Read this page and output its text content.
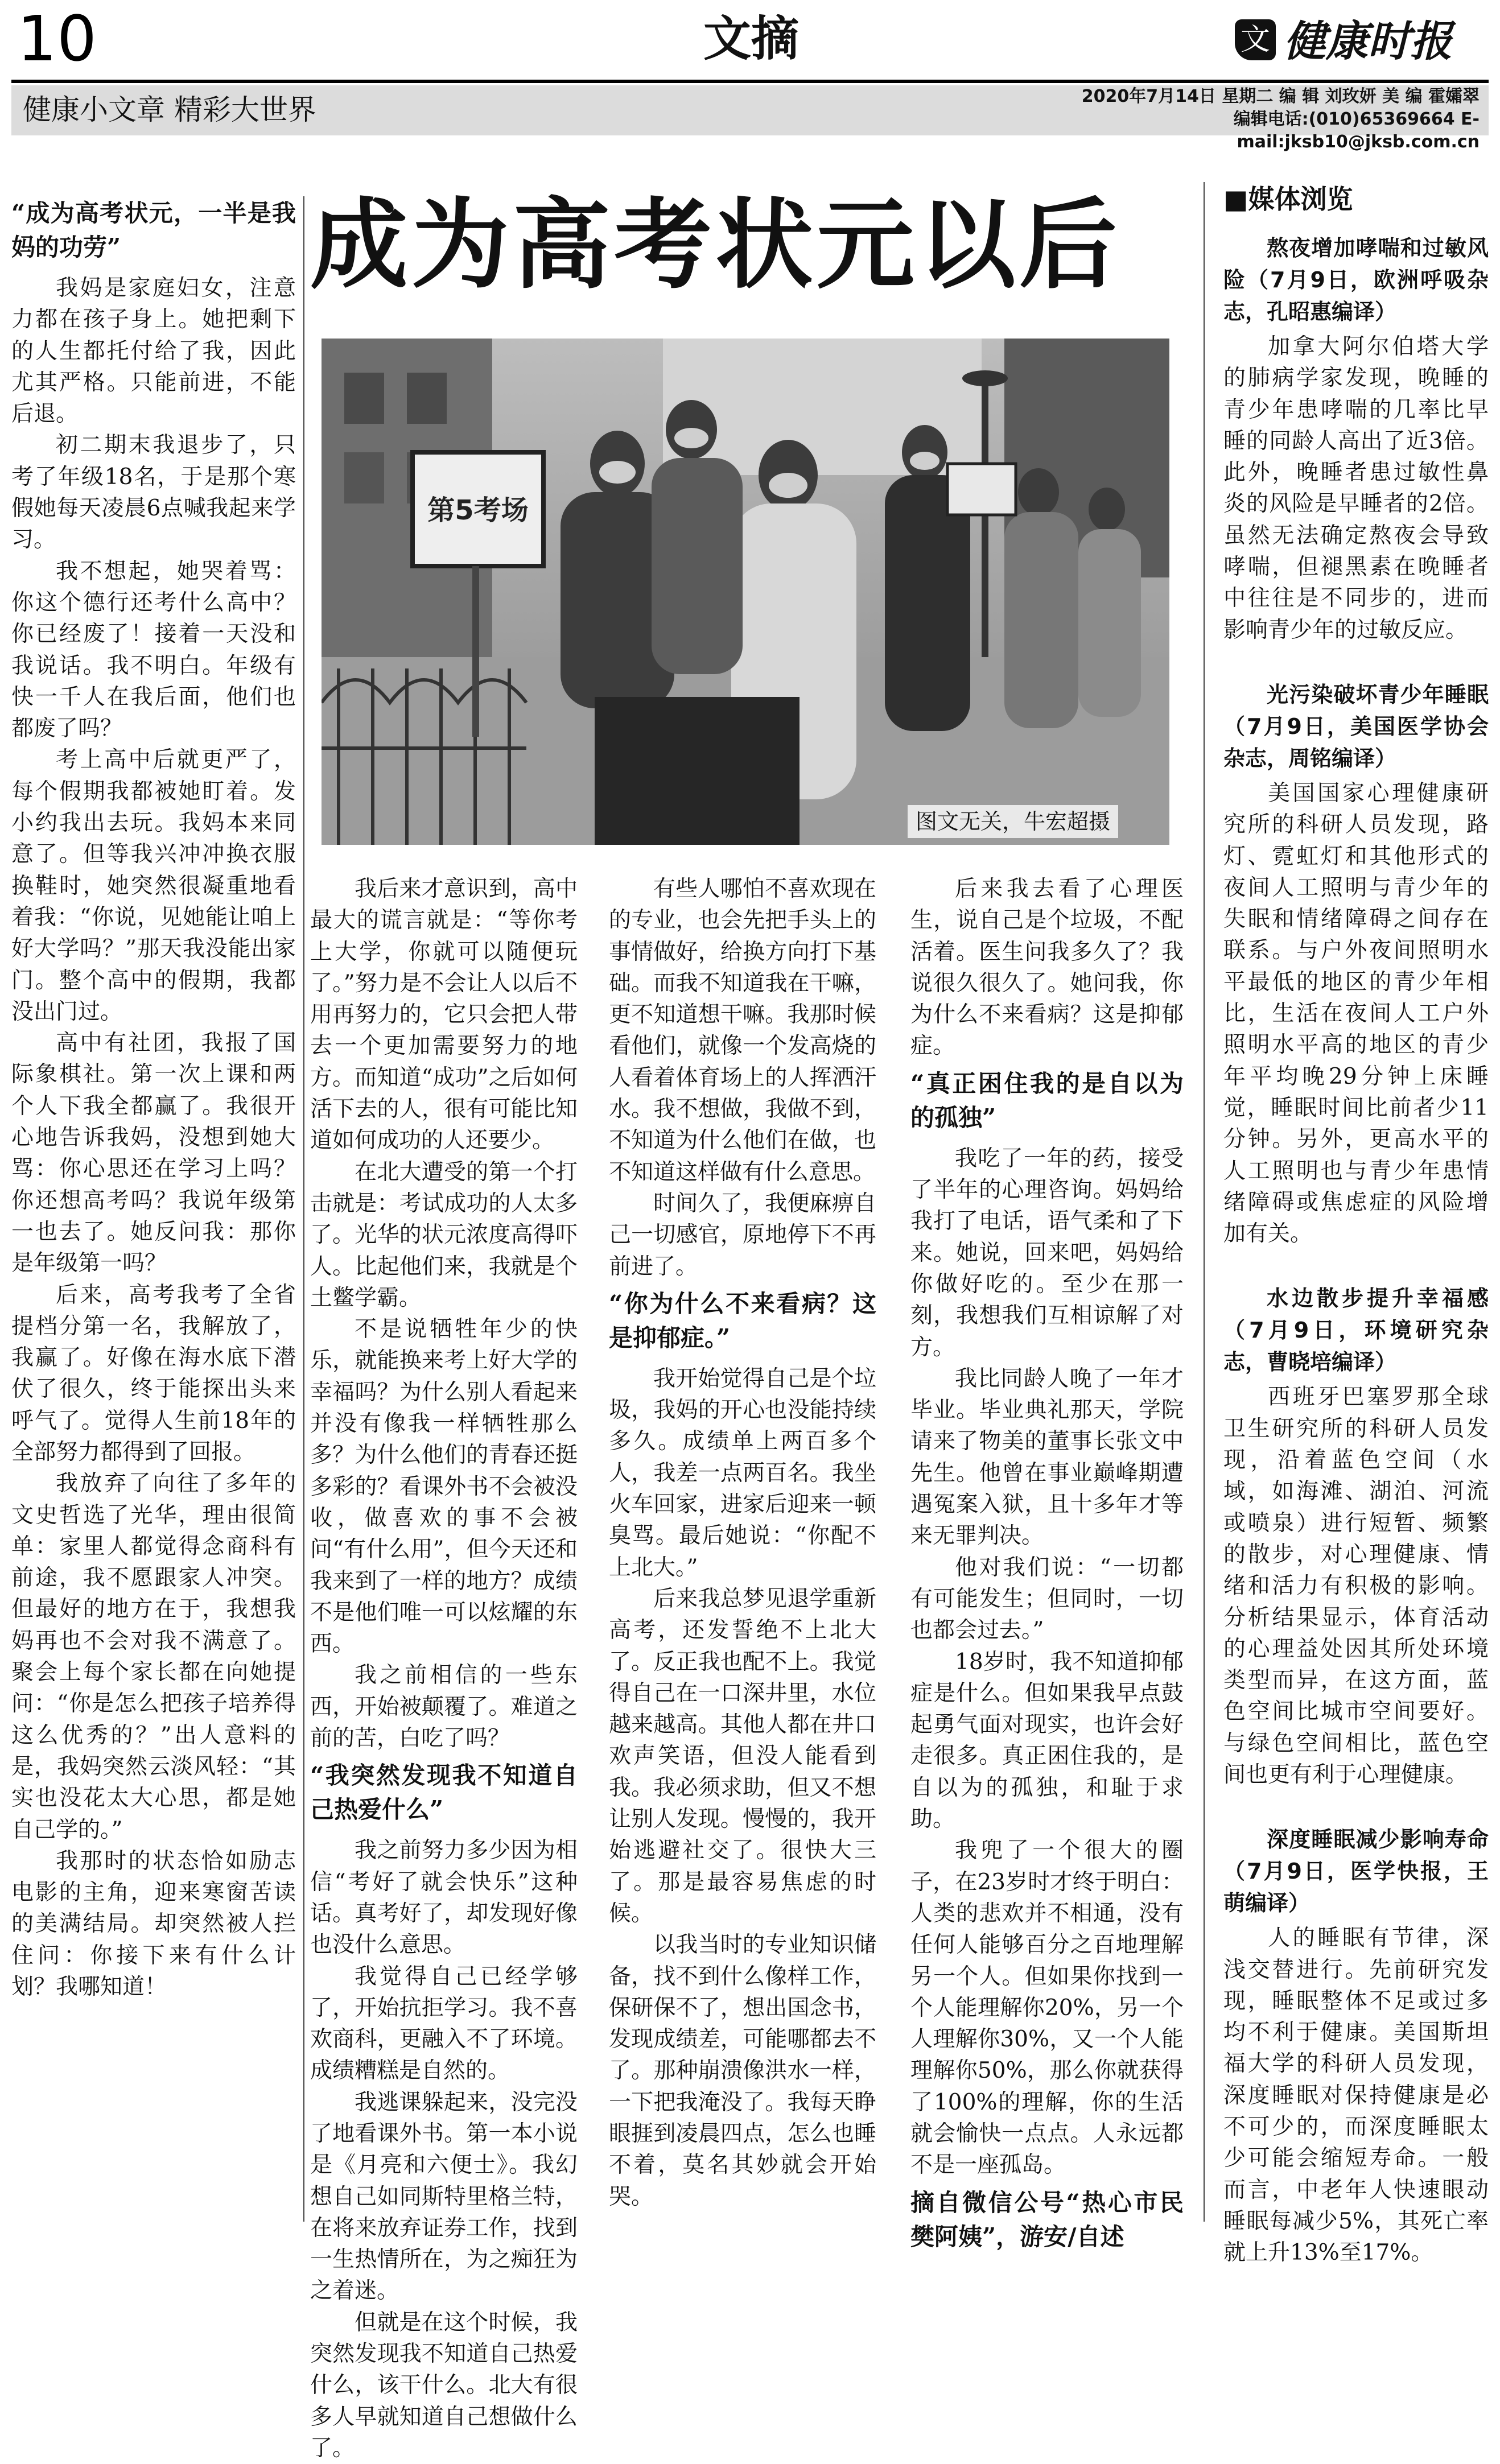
10	文摘	文 健康时报
健康小文章 精彩大世界	2020年7月14日 星期二 编 辑 刘玫妍 美 编 霍孀翠
编辑电话:(010)65369664 E-mail:jksb10@jksb.com.cn
成为高考状元以后
第5考场
图文无关，牛宏超摄
“成为高考状元，一半是我妈的功劳”

我妈是家庭妇女，注意力都在孩子身上。她把剩下的人生都托付给了我，因此尤其严格。只能前进，不能后退。

初二期末我退步了，只考了年级18名，于是那个寒假她每天凌晨6点喊我起来学习。

我不想起，她哭着骂：你这个德行还考什么高中？你已经废了！接着一天没和我说话。我不明白。年级有快一千人在我后面，他们也都废了吗？

考上高中后就更严了，每个假期我都被她盯着。发小约我出去玩。我妈本来同意了。但等我兴冲冲换衣服换鞋时，她突然很凝重地看着我：“你说，见她能让咱上好大学吗？”那天我没能出家门。整个高中的假期，我都没出门过。

高中有社团，我报了国际象棋社。第一次上课和两个人下我全都赢了。我很开心地告诉我妈，没想到她大骂：你心思还在学习上吗？你还想高考吗？我说年级第一也去了。她反问我：那你是年级第一吗？

后来，高考我考了全省提档分第一名，我解放了，我赢了。好像在海水底下潜伏了很久，终于能探出头来呼气了。觉得人生前18年的全部努力都得到了回报。

我放弃了向往了多年的文史哲选了光华，理由很简单：家里人都觉得念商科有前途，我不愿跟家人冲突。但最好的地方在于，我想我妈再也不会对我不满意了。聚会上每个家长都在向她提问：“你是怎么把孩子培养得这么优秀的？”出人意料的是，我妈突然云淡风轻：“其实也没花太大心思，都是她自己学的。”

我那时的状态恰如励志电影的主角，迎来寒窗苦读的美满结局。却突然被人拦住问：你接下来有什么计划？我哪知道！

我后来才意识到，高中最大的谎言就是：“等你考上大学，你就可以随便玩了。”努力是不会让人以后不用再努力的，它只会把人带去一个更加需要努力的地方。而知道“成功”之后如何活下去的人，很有可能比知道如何成功的人还要少。

在北大遭受的第一个打击就是：考试成功的人太多了。光华的状元浓度高得吓人。比起他们来，我就是个土鳖学霸。

不是说牺牲年少的快乐，就能换来考上好大学的幸福吗？为什么别人看起来并没有像我一样牺牲那么多？为什么他们的青春还挺多彩的？看课外书不会被没收，做喜欢的事不会被问“有什么用”，但今天还和我来到了一样的地方？成绩不是他们唯一可以炫耀的东西。

我之前相信的一些东西，开始被颠覆了。难道之前的苦，白吃了吗？

“我突然发现我不知道自己热爱什么”

我之前努力多少因为相信“考好了就会快乐”这种话。真考好了，却发现好像也没什么意思。

我觉得自己已经学够了，开始抗拒学习。我不喜欢商科，更融入不了环境。成绩糟糕是自然的。

我逃课躲起来，没完没了地看课外书。第一本小说是《月亮和六便士》。我幻想自己如同斯特里格兰特，在将来放弃证券工作，找到一生热情所在，为之痴狂为之着迷。

但就是在这个时候，我突然发现我不知道自己热爱什么，该干什么。北大有很多人早就知道自己想做什么了。

有些人哪怕不喜欢现在的专业，也会先把手头上的事情做好，给换方向打下基础。而我不知道我在干嘛，更不知道想干嘛。我那时候看他们，就像一个发高烧的人看着体育场上的人挥洒汗水。我不想做，我做不到，不知道为什么他们在做，也不知道这样做有什么意思。

时间久了，我便麻痹自己一切感官，原地停下不再前进了。

“你为什么不来看病？这是抑郁症。”

我开始觉得自己是个垃圾，我妈的开心也没能持续多久。成绩单上两百多个人，我差一点两百名。我坐火车回家，进家后迎来一顿臭骂。最后她说：“你配不上北大。”

后来我总梦见退学重新高考，还发誓绝不上北大了。反正我也配不上。我觉得自己在一口深井里，水位越来越高。其他人都在井口欢声笑语，但没人能看到我。我必须求助，但又不想让别人发现。慢慢的，我开始逃避社交了。很快大三了。那是最容易焦虑的时候。

以我当时的专业知识储备，找不到什么像样工作，保研保不了，想出国念书，发现成绩差，可能哪都去不了。那种崩溃像洪水一样，一下把我淹没了。我每天睁眼捱到凌晨四点，怎么也睡不着，莫名其妙就会开始哭。

后来我去看了心理医生，说自己是个垃圾，不配活着。医生问我多久了？我说很久很久了。她问我，你为什么不来看病？这是抑郁症。

“真正困住我的是自以为的孤独”

我吃了一年的药，接受了半年的心理咨询。妈妈给我打了电话，语气柔和了下来。她说，回来吧，妈妈给你做好吃的。至少在那一刻，我想我们互相谅解了对方。

我比同龄人晚了一年才毕业。毕业典礼那天，学院请来了物美的董事长张文中先生。他曾在事业巅峰期遭遇冤案入狱，且十多年才等来无罪判决。

他对我们说：“一切都有可能发生；但同时，一切也都会过去。”

18岁时，我不知道抑郁症是什么。但如果我早点鼓起勇气面对现实，也许会好走很多。真正困住我的，是自以为的孤独，和耻于求助。

我兜了一个很大的圈子，在23岁时才终于明白：人类的悲欢并不相通，没有任何人能够百分之百地理解另一个人。但如果你找到一个人能理解你20%，另一个人理解你30%，又一个人能理解你50%，那么你就获得了100%的理解，你的生活就会愉快一点点。人永远都不是一座孤岛。

摘自微信公号“热心市民樊阿姨”，游安/自述
■媒体浏览
熬夜增加哮喘和过敏风险（7月9日，欧洲呼吸杂志，孔昭惠编译）

加拿大阿尔伯塔大学的肺病学家发现，晚睡的青少年患哮喘的几率比早睡的同龄人高出了近3倍。此外，晚睡者患过敏性鼻炎的风险是早睡者的2倍。虽然无法确定熬夜会导致哮喘，但褪黑素在晚睡者中往往是不同步的，进而影响青少年的过敏反应。

光污染破坏青少年睡眠（7月9日，美国医学协会杂志，周铭编译）

美国国家心理健康研究所的科研人员发现，路灯、霓虹灯和其他形式的夜间人工照明与青少年的失眠和情绪障碍之间存在联系。与户外夜间照明水平最低的地区的青少年相比，生活在夜间人工户外照明水平高的地区的青少年平均晚29分钟上床睡觉，睡眠时间比前者少11分钟。另外，更高水平的人工照明也与青少年患情绪障碍或焦虑症的风险增加有关。

水边散步提升幸福感（7月9日，环境研究杂志，曹晓培编译）

西班牙巴塞罗那全球卫生研究所的科研人员发现，沿着蓝色空间（水域，如海滩、湖泊、河流或喷泉）进行短暂、频繁的散步，对心理健康、情绪和活力有积极的影响。分析结果显示，体育活动的心理益处因其所处环境类型而异，在这方面，蓝色空间比城市空间要好。与绿色空间相比，蓝色空间也更有利于心理健康。

深度睡眠减少影响寿命（7月9日，医学快报，王萌编译）

人的睡眠有节律，深浅交替进行。先前研究发现，睡眠整体不足或过多均不利于健康。美国斯坦福大学的科研人员发现，深度睡眠对保持健康是必不可少的，而深度睡眠太少可能会缩短寿命。一般而言，中老年人快速眼动睡眠每减少5%，其死亡率就上升13%至17%。
